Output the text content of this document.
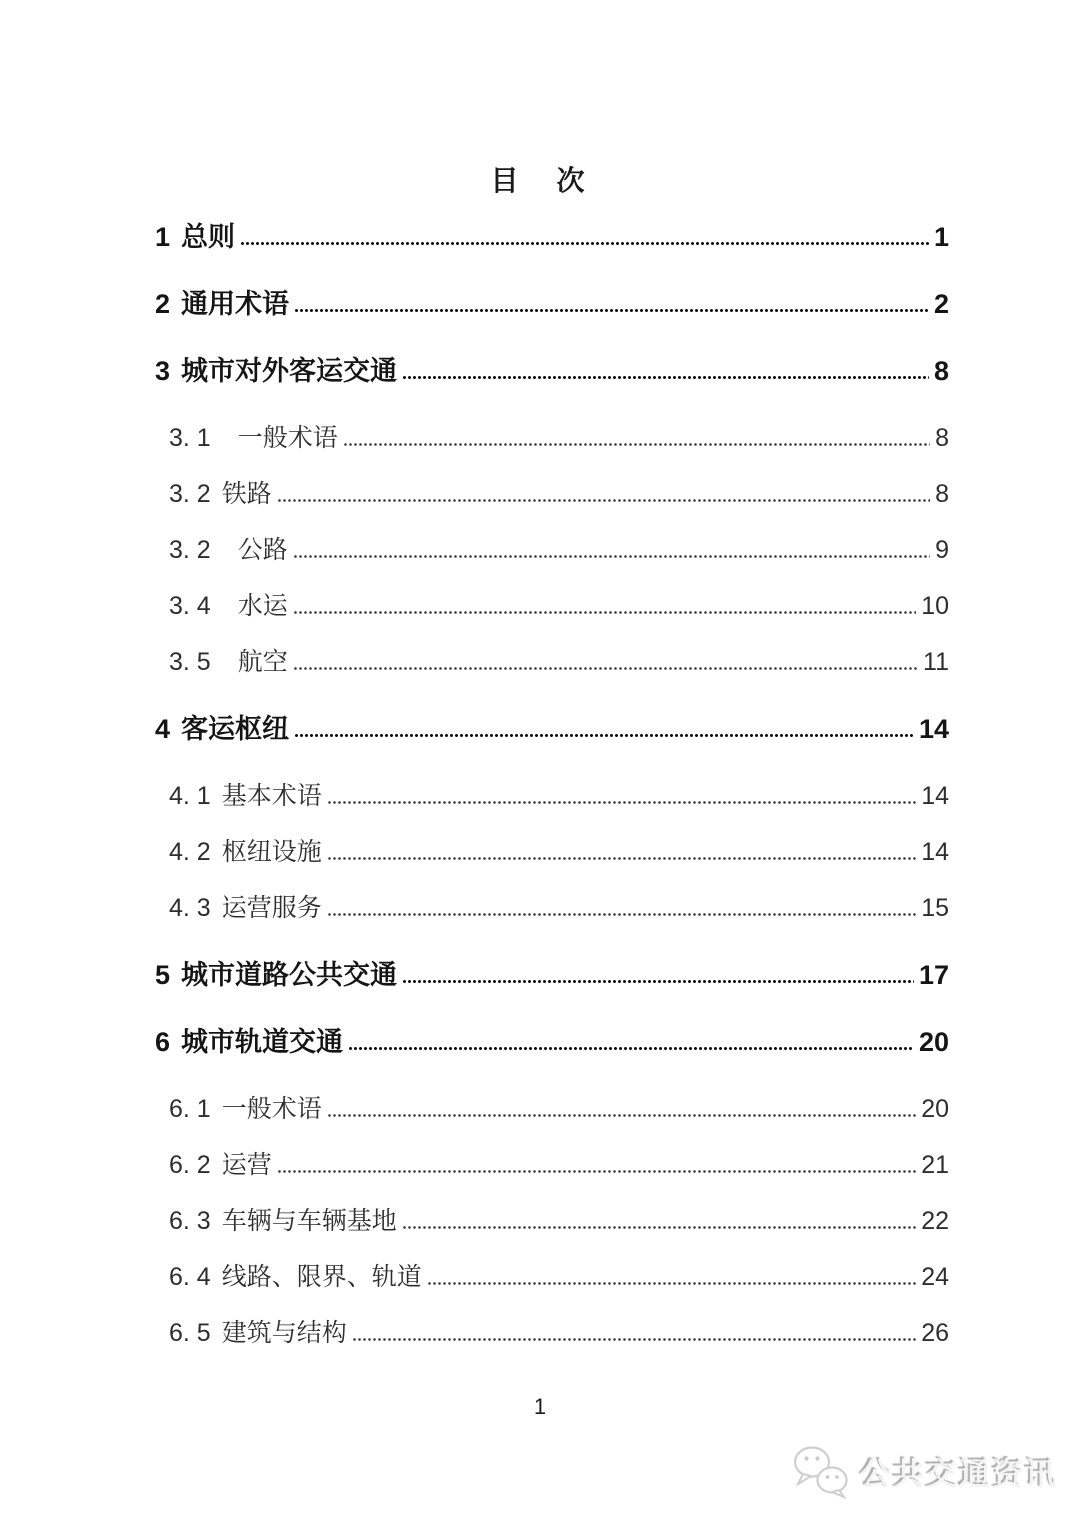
目　次
1 总则	1
2 通用术语	2
3 城市对外客运交通	8
3. 1 一般术语	8
3. 2 铁路	8
3. 2 公路	9
3. 4 水运	10
3. 5 航空	11
4 客运枢纽	14
4. 1 基本术语	14
4. 2 枢纽设施	14
4. 3 运营服务	15
5 城市道路公共交通	17
6 城市轨道交通	20
6. 1 一般术语	20
6. 2 运营	21
6. 3 车辆与车辆基地	22
6. 4 线路、限界、轨道	24
6. 5 建筑与结构	26
1
公共交通资讯
